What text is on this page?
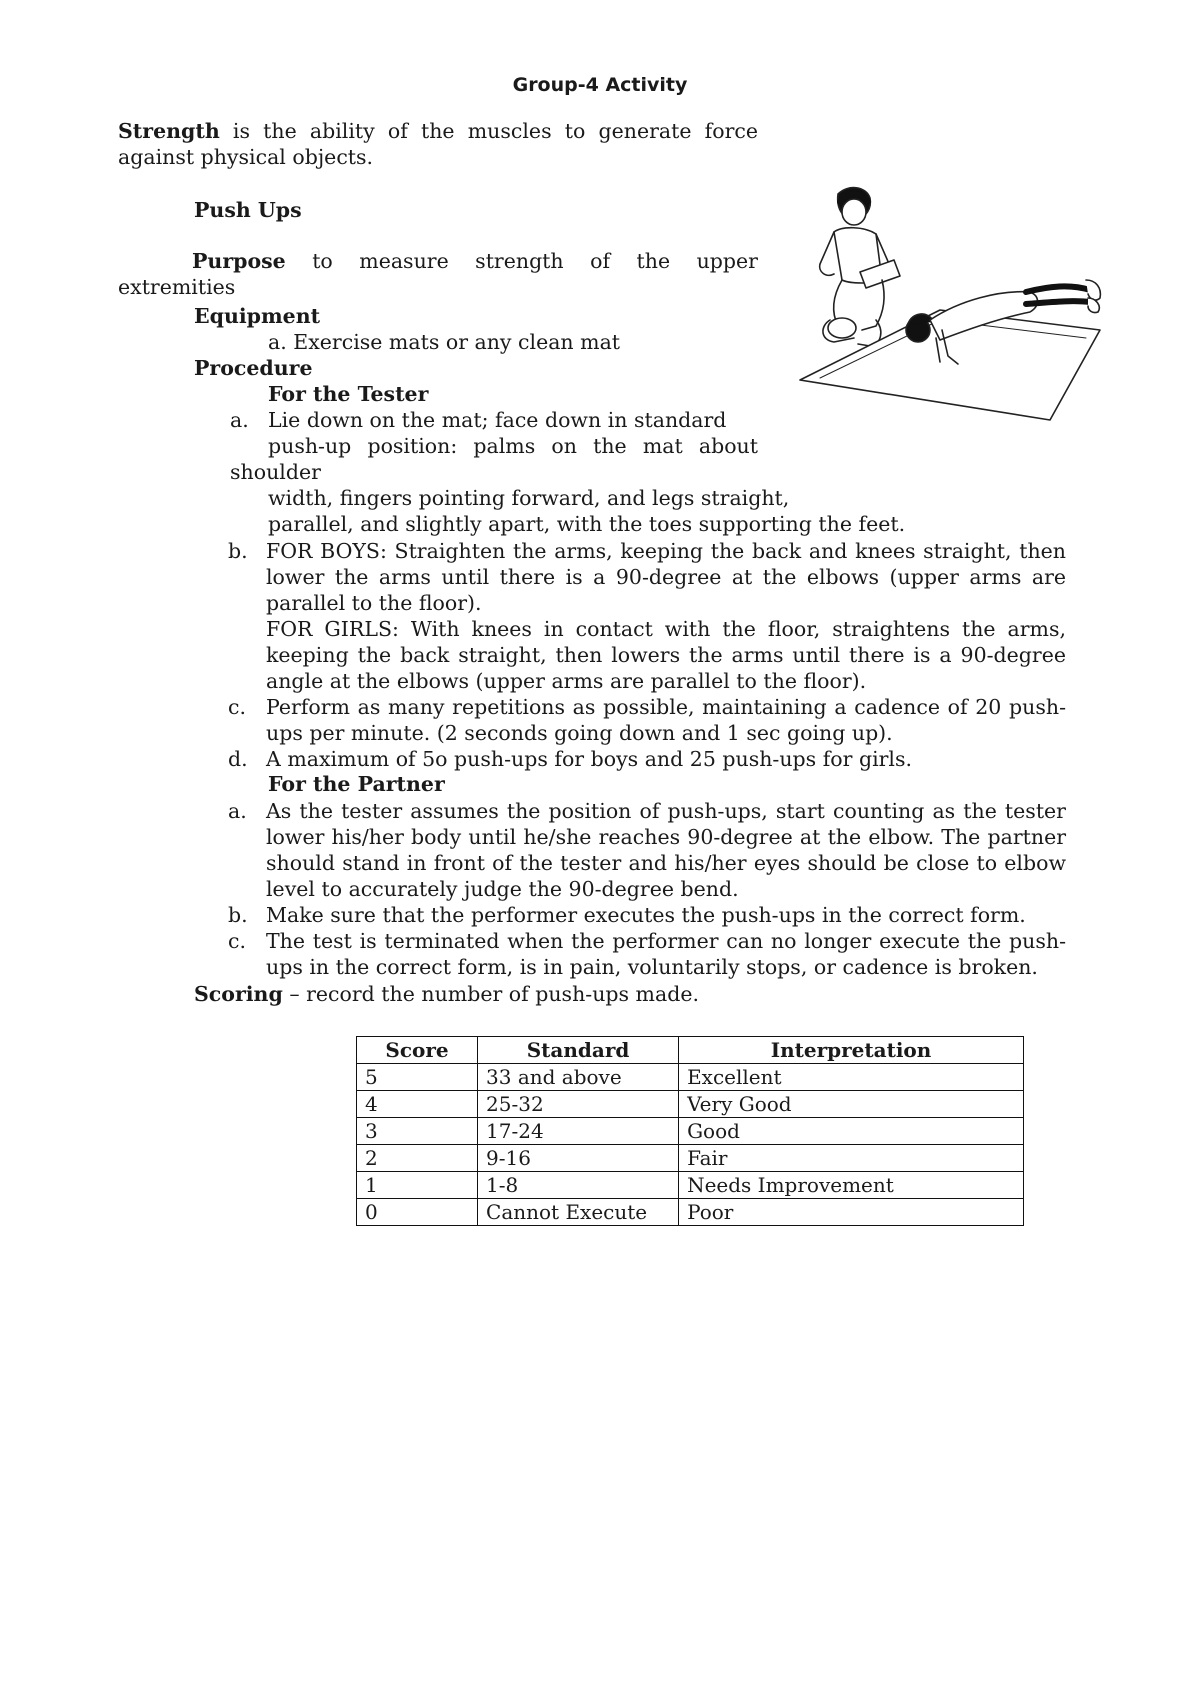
Group-4 Activity
Strength is the ability of the muscles to generate force against physical objects.
Push Ups
Purpose to measure strength of the upper
extremities
Equipment
a. Exercise mats or any clean mat
Procedure
For the Tester
a. Lie down on the mat; face down in standard
push-up position: palms on the mat about
shoulder
width, fingers pointing forward, and legs straight,
parallel, and slightly apart, with the toes supporting the feet.
b. FOR BOYS: Straighten the arms, keeping the back and knees straight, then lower the arms until there is a 90-degree at the elbows (upper arms are parallel to the floor).
FOR GIRLS: With knees in contact with the floor, straightens the arms, keeping the back straight, then lowers the arms until there is a 90-degree angle at the elbows (upper arms are parallel to the floor).
c. Perform as many repetitions as possible, maintaining a cadence of 20 push-ups per minute. (2 seconds going down and 1 sec going up).
d. A maximum of 5o push-ups for boys and 25 push-ups for girls.
For the Partner
a. As the tester assumes the position of push-ups, start counting as the tester lower his/her body until he/she reaches 90-degree at the elbow. The partner should stand in front of the tester and his/her eyes should be close to elbow level to accurately judge the 90-degree bend.
b. Make sure that the performer executes the push-ups in the correct form.
c. The test is terminated when the performer can no longer execute the push-ups in the correct form, is in pain, voluntarily stops, or cadence is broken.
Scoring – record the number of push-ups made.
Score	Standard	Interpretation
5	33 and above	Excellent
4	25-32	Very Good
3	17-24	Good
2	9-16	Fair
1	1-8	Needs Improvement
0	Cannot Execute	Poor
